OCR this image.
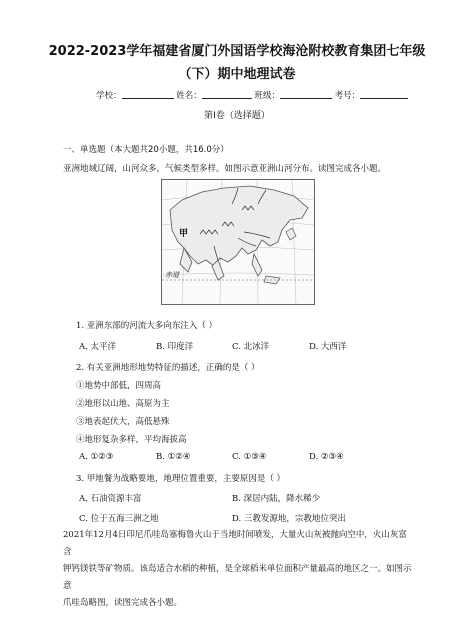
2022-2023学年福建省厦门外国语学校海沧附校教育集团七年级
（下）期中地理试卷
学校：	姓名：	班级：	考号：
第I卷（选择题）
一、单选题（本大题共20小题，共16.0分）
亚洲地域辽阔，山河众多，气候类型多样。如图示意亚洲山河分布。读图完成各小题。
甲
赤道
1. 亚洲东部的河流大多向东注入（ ）
A. 太平洋	B. 印度洋	C. 北冰洋	D. 大西洋
2. 有关亚洲地形地势特征的描述，正确的是（ ）
①地势中部低，四周高
②地形以山地、高原为主
③地表起伏大，高低悬殊
④地形复杂多样，平均海拔高
A. ①②③	B. ①②④	C. ①③④	D. ②③④
3. 甲地餐为战略要地，地理位置重要，主要原因是（ ）
A. 石油资源丰富	B. 深居内陆，降水稀少
C. 位于五海三洲之地	D. 三教发源地，宗教地位突出
2021年12月4日印尼爪哇岛塞梅鲁火山于当地时间喷发，大量火山灰被抛向空中，火山灰富含
钾钙镁铁等矿物质。该岛适合水稻的种植，是全球稻米单位面积产量最高的地区之一。如图示意
爪哇岛略图，读图完成各小题。
